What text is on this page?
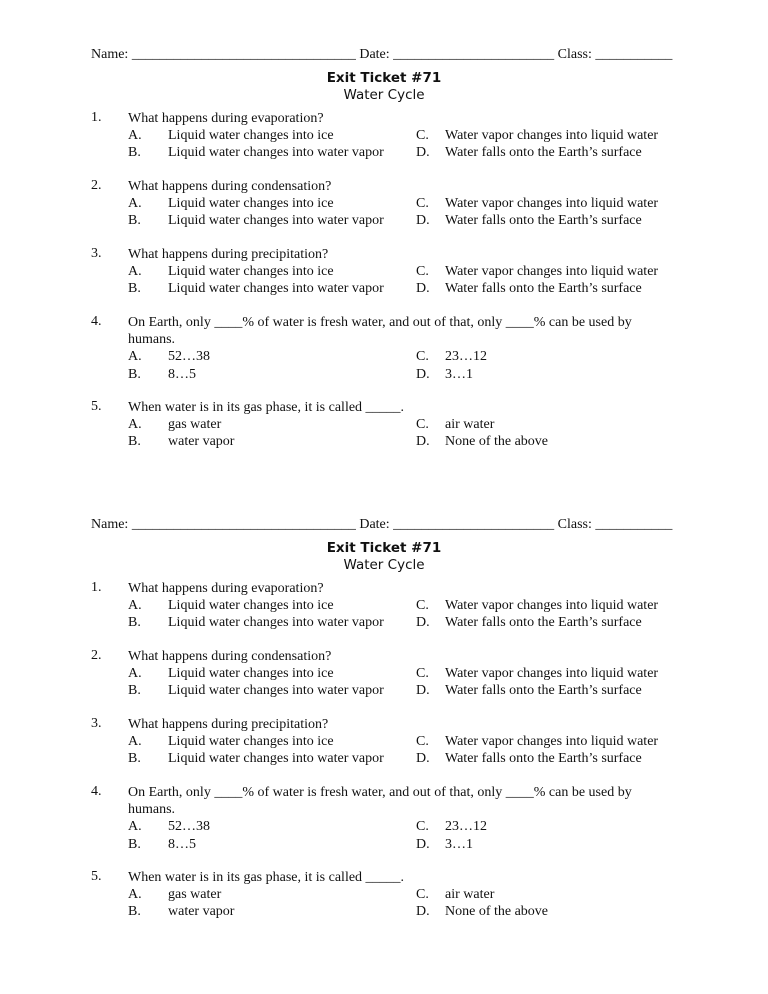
Name: ________________________________ Date: _______________________ Class: ___________
Exit Ticket #71
Water Cycle
1. What happens during evaporation?
A. Liquid water changes into ice
B. Liquid water changes into water vapor
C. Water vapor changes into liquid water
D. Water falls onto the Earth’s surface
2. What happens during condensation?
A. Liquid water changes into ice
B. Liquid water changes into water vapor
C. Water vapor changes into liquid water
D. Water falls onto the Earth’s surface
3. What happens during precipitation?
A. Liquid water changes into ice
B. Liquid water changes into water vapor
C. Water vapor changes into liquid water
D. Water falls onto the Earth’s surface
4. On Earth, only ____% of water is fresh water, and out of that, only ____% can be used by humans.
A. 52…38
B. 8…5
C. 23…12
D. 3…1
5. When water is in its gas phase, it is called _____.
A. gas water
B. water vapor
C. air water
D. None of the above
Name: ________________________________ Date: _______________________ Class: ___________
Exit Ticket #71
Water Cycle
1. What happens during evaporation?
A. Liquid water changes into ice
B. Liquid water changes into water vapor
C. Water vapor changes into liquid water
D. Water falls onto the Earth’s surface
2. What happens during condensation?
A. Liquid water changes into ice
B. Liquid water changes into water vapor
C. Water vapor changes into liquid water
D. Water falls onto the Earth’s surface
3. What happens during precipitation?
A. Liquid water changes into ice
B. Liquid water changes into water vapor
C. Water vapor changes into liquid water
D. Water falls onto the Earth’s surface
4. On Earth, only ____% of water is fresh water, and out of that, only ____% can be used by humans.
A. 52…38
B. 8…5
C. 23…12
D. 3…1
5. When water is in its gas phase, it is called _____.
A. gas water
B. water vapor
C. air water
D. None of the above
